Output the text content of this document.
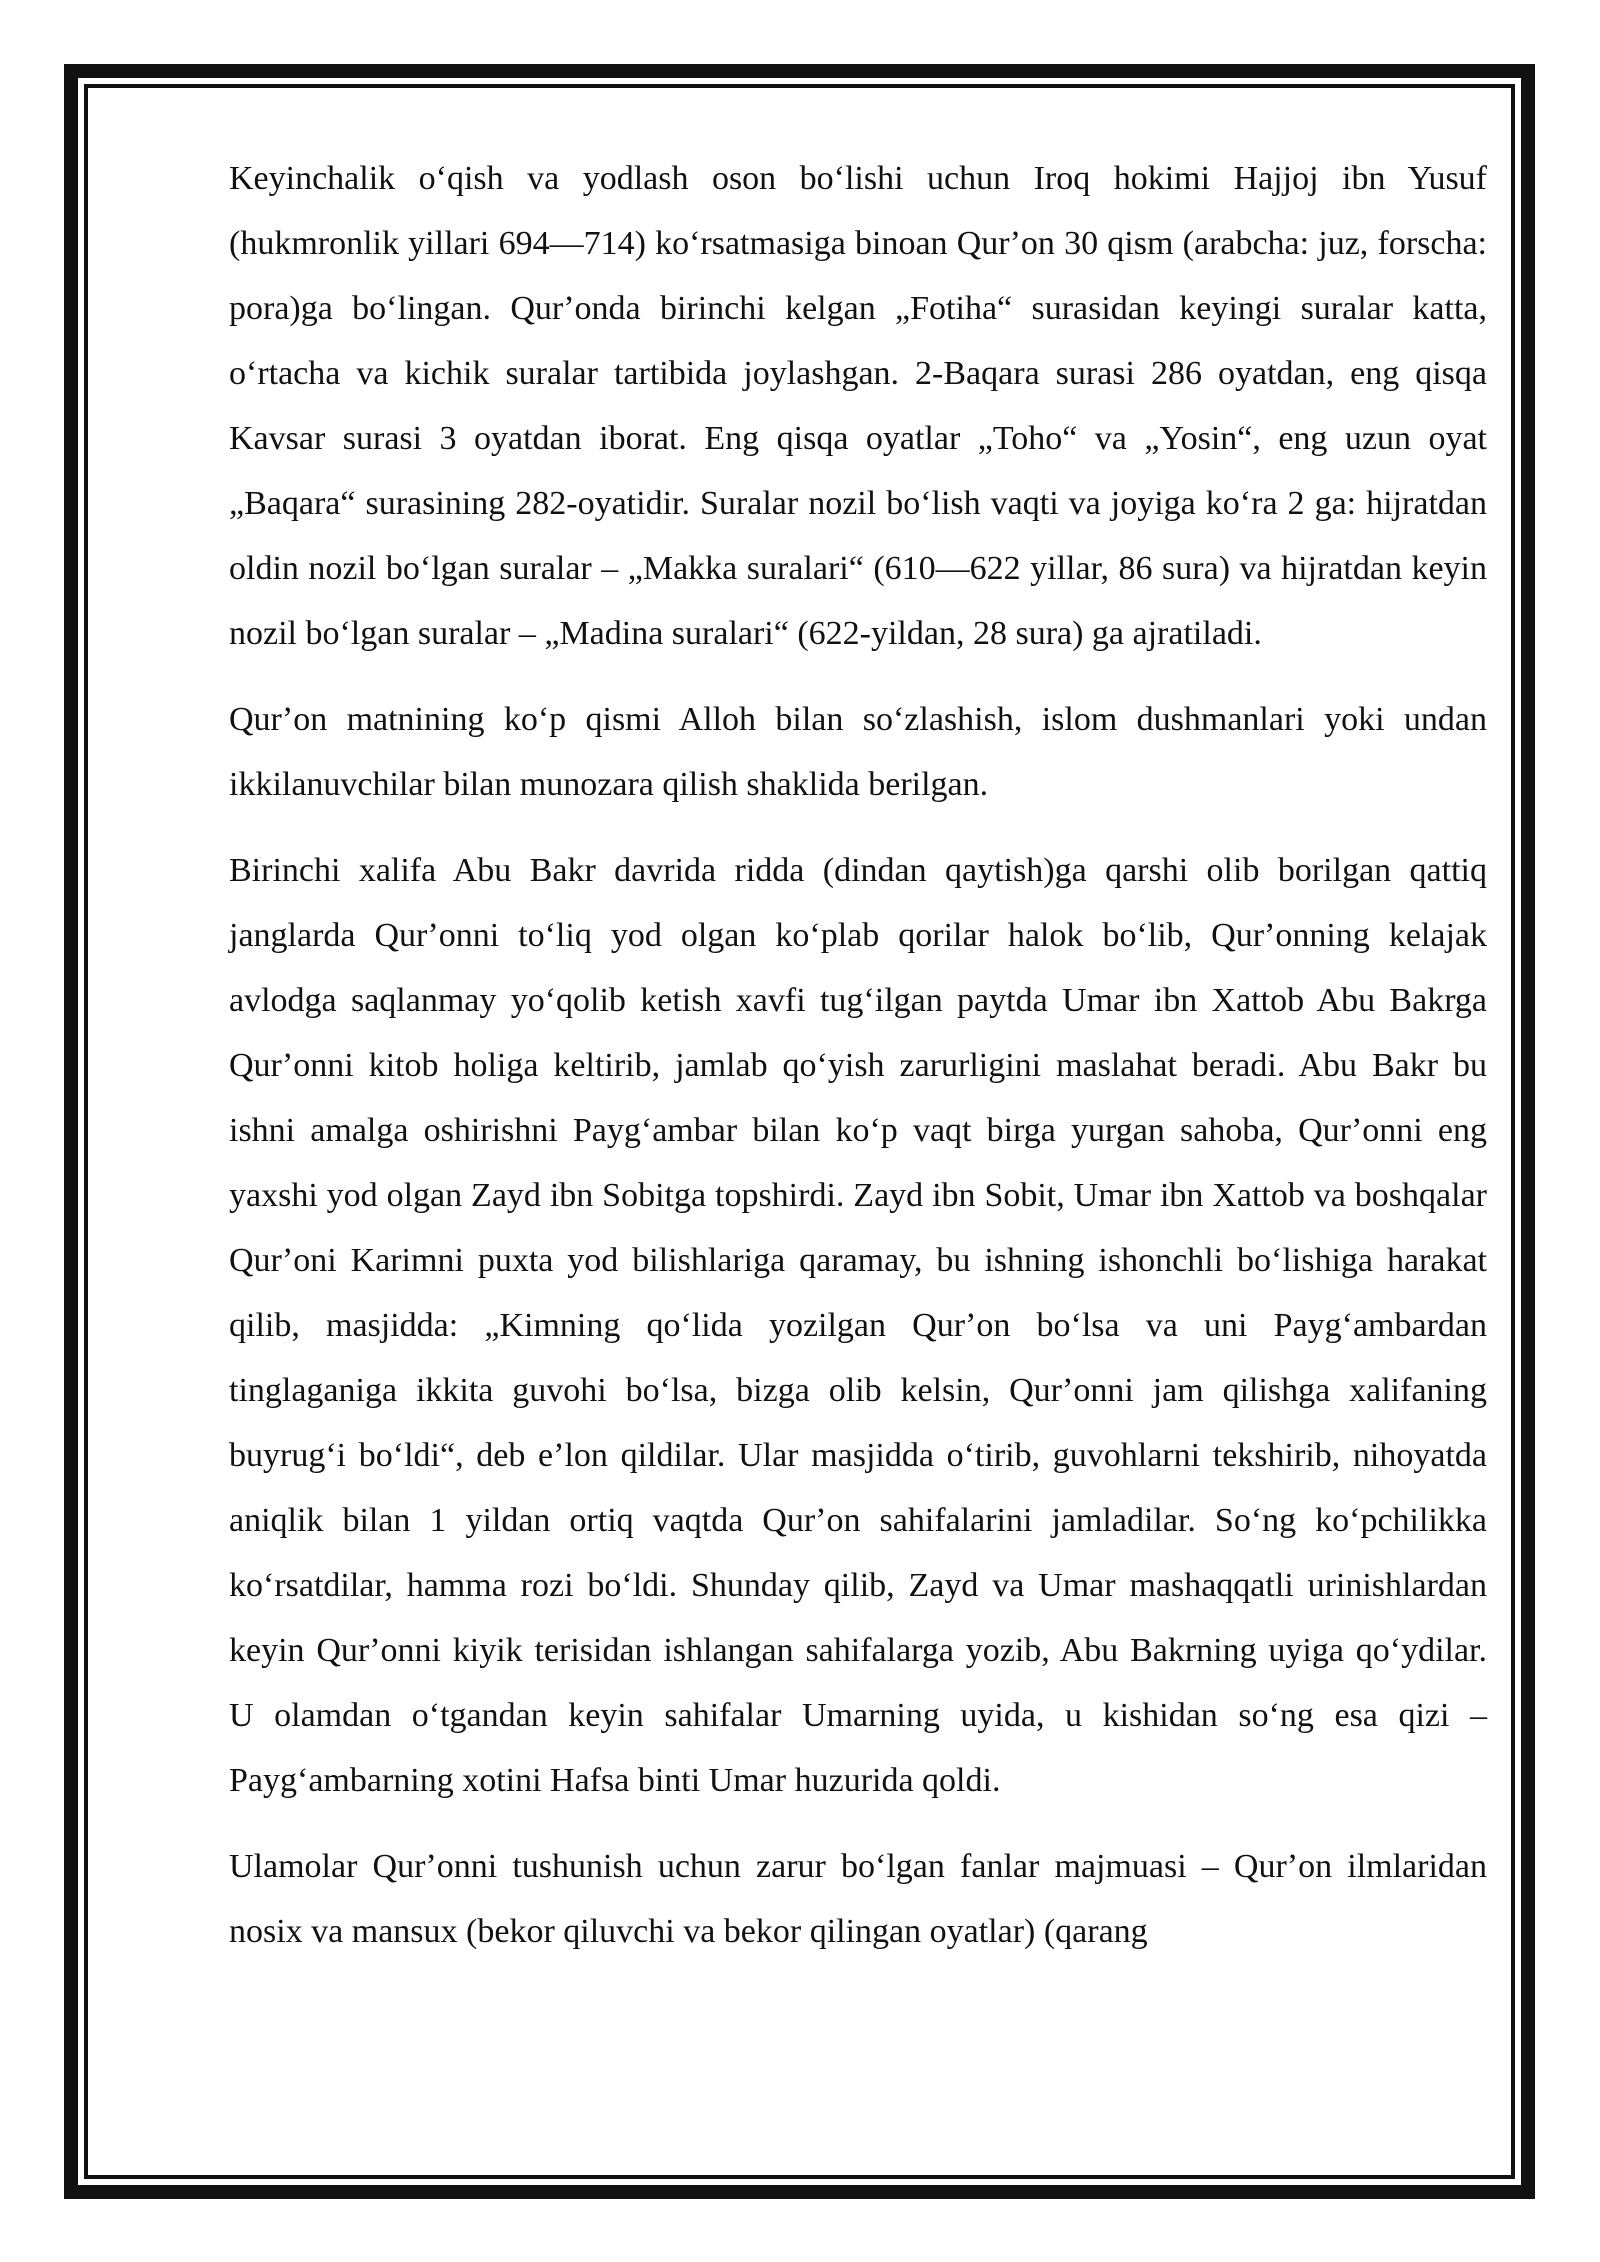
Keyinchalik oʻqish va yodlash oson boʻlishi uchun Iroq hokimi Hajjoj ibn Yusuf (hukmronlik yillari 694—714) koʻrsatmasiga binoan Qurʼon 30 qism (arabcha: juz, forscha: pora)ga boʻlingan. Qurʼonda birinchi kelgan „Fotiha“ surasidan keyingi suralar katta, oʻrtacha va kichik suralar tartibida joylashgan. 2-Baqara surasi 286 oyatdan, eng qisqa Kavsar surasi 3 oyatdan iborat. Eng qisqa oyatlar „Toho“ va „Yosin“, eng uzun oyat „Baqara“ surasining 282-oyatidir. Suralar nozil boʻlish vaqti va joyiga koʻra 2 ga: hijratdan oldin nozil boʻlgan suralar – „Makka suralari“ (610—622 yillar, 86 sura) va hijratdan keyin nozil boʻlgan suralar – „Madina suralari“ (622-yildan, 28 sura) ga ajratiladi.

Qurʼon matnining koʻp qismi Alloh bilan soʻzlashish, islom dushmanlari yoki undan ikkilanuvchilar bilan munozara qilish shaklida berilgan.

Birinchi xalifa Abu Bakr davrida ridda (dindan qaytish)ga qarshi olib borilgan qattiq janglarda Qurʼonni toʻliq yod olgan koʻplab qorilar halok boʻlib, Qurʼonning kelajak avlodga saqlanmay yoʻqolib ketish xavfi tugʻilgan paytda Umar ibn Xattob Abu Bakrga Qurʼonni kitob holiga keltirib, jamlab qoʻyish zarurligini maslahat beradi. Abu Bakr bu ishni amalga oshirishni Paygʻambar bilan koʻp vaqt birga yurgan sahoba, Qurʼonni eng yaxshi yod olgan Zayd ibn Sobitga topshirdi. Zayd ibn Sobit, Umar ibn Xattob va boshqalar Qurʼoni Karimni puxta yod bilishlariga qaramay, bu ishning ishonchli boʻlishiga harakat qilib, masjidda: „Kimning qoʻlida yozilgan Qurʼon boʻlsa va uni Paygʻambardan tinglaganiga ikkita guvohi boʻlsa, bizga olib kelsin, Qurʼonni jam qilishga xalifaning buyrugʻi boʻldi“, deb eʼlon qildilar. Ular masjidda oʻtirib, guvohlarni tekshirib, nihoyatda aniqlik bilan 1 yildan ortiq vaqtda Qurʼon sahifalarini jamladilar. Soʻng koʻpchilikka koʻrsatdilar, hamma rozi boʻldi. Shunday qilib, Zayd va Umar mashaqqatli urinishlardan keyin Qurʼonni kiyik terisidan ishlangan sahifalarga yozib, Abu Bakrning uyiga qoʻydilar. U olamdan oʻtgandan keyin sahifalar Umarning uyida, u kishidan soʻng esa qizi – Paygʻambarning xotini Hafsa binti Umar huzurida qoldi.

Ulamolar Qurʼonni tushunish uchun zarur boʻlgan fanlar majmuasi – Qurʼon ilmlaridan nosix va mansux (bekor qiluvchi va bekor qilingan oyatlar) (qarang
